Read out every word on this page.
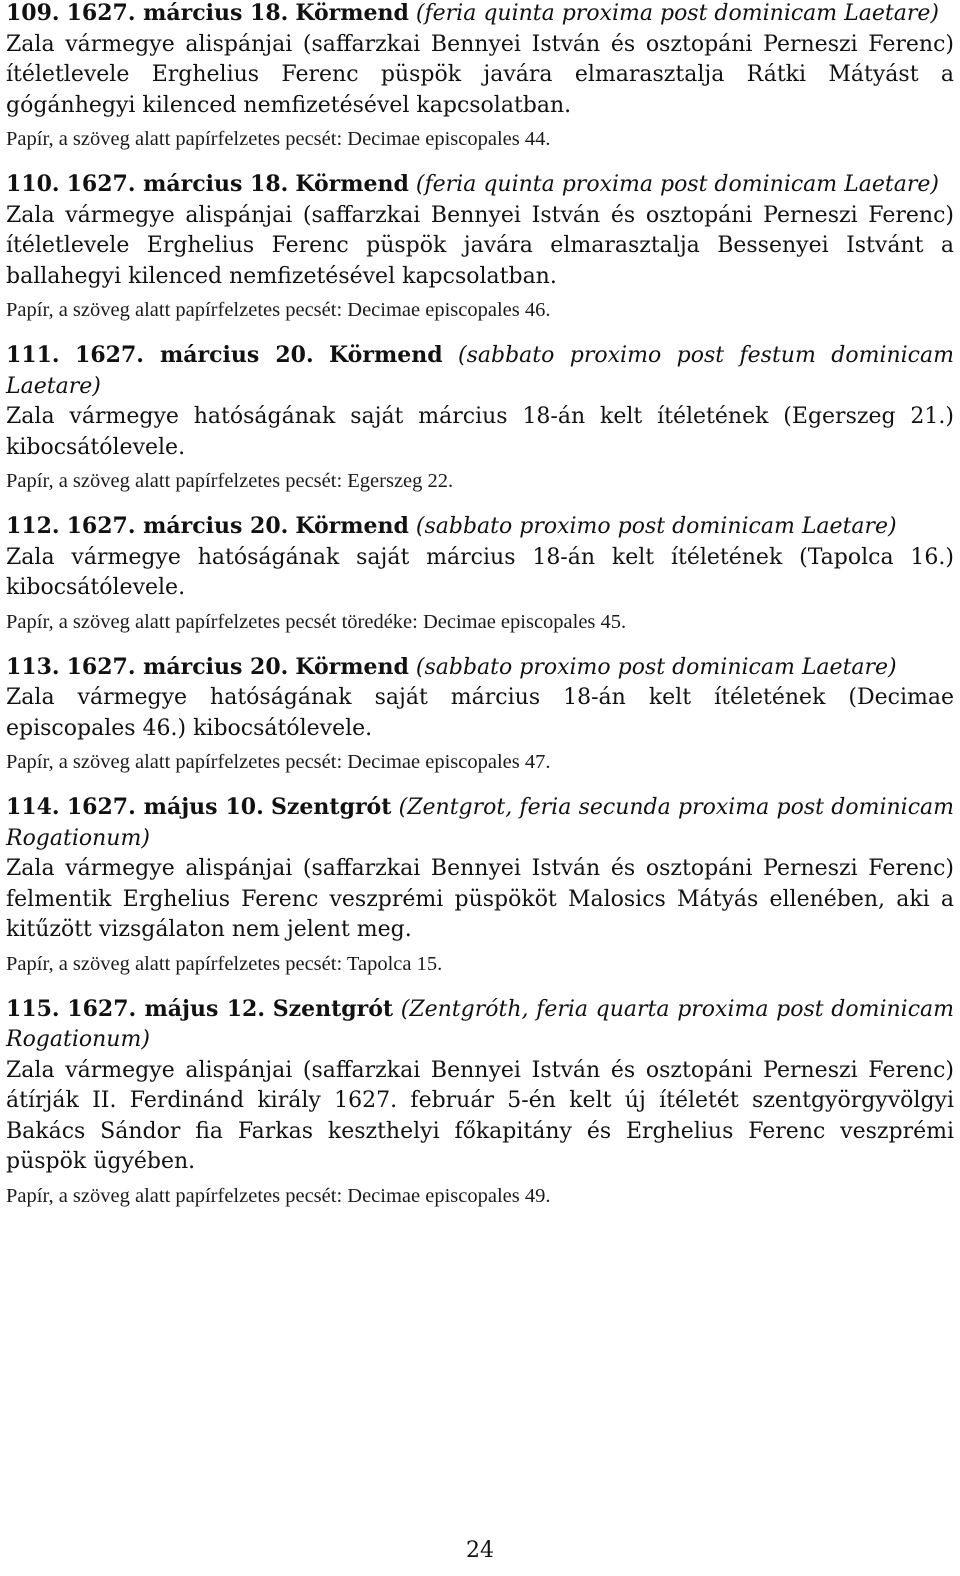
109. 1627. március 18. Körmend (feria quinta proxima post dominicam Laetare)

Zala vármegye alispánjai (saffarzkai Bennyei István és osztopáni Perneszi Ferenc) ítéletlevele Erghelius Ferenc püspök javára elmarasztalja Rátki Mátyást a gógánhegyi kilenced nemfizetésével kapcsolatban.

Papír, a szöveg alatt papírfelzetes pecsét: Decimae episcopales 44.

110. 1627. március 18. Körmend (feria quinta proxima post dominicam Laetare)

Zala vármegye alispánjai (saffarzkai Bennyei István és osztopáni Perneszi Ferenc) ítéletlevele Erghelius Ferenc püspök javára elmarasztalja Bessenyei Istvánt a ballahegyi kilenced nemfizetésével kapcsolatban.

Papír, a szöveg alatt papírfelzetes pecsét: Decimae episcopales 46.

111. 1627. március 20. Körmend (sabbato proximo post festum dominicam Laetare)

Zala vármegye hatóságának saját március 18-án kelt ítéletének (Egerszeg 21.) kibocsátólevele.

Papír, a szöveg alatt papírfelzetes pecsét: Egerszeg 22.

112. 1627. március 20. Körmend (sabbato proximo post dominicam Laetare)

Zala vármegye hatóságának saját március 18-án kelt ítéletének (Tapolca 16.) kibocsátólevele.

Papír, a szöveg alatt papírfelzetes pecsét töredéke: Decimae episcopales 45.

113. 1627. március 20. Körmend (sabbato proximo post dominicam Laetare)

Zala vármegye hatóságának saját március 18-án kelt ítéletének (Decimae episcopales 46.) kibocsátólevele.

Papír, a szöveg alatt papírfelzetes pecsét: Decimae episcopales 47.

114. 1627. május 10. Szentgrót (Zentgrot, feria secunda proxima post dominicam Rogationum)

Zala vármegye alispánjai (saffarzkai Bennyei István és osztopáni Perneszi Ferenc) felmentik Erghelius Ferenc veszprémi püspököt Malosics Mátyás ellenében, aki a kitűzött vizsgálaton nem jelent meg.

Papír, a szöveg alatt papírfelzetes pecsét: Tapolca 15.

115. 1627. május 12. Szentgrót (Zentgróth, feria quarta proxima post dominicam Rogationum)

Zala vármegye alispánjai (saffarzkai Bennyei István és osztopáni Perneszi Ferenc) átírják II. Ferdinánd király 1627. február 5-én kelt új ítéletét szentgyörgyvölgyi Bakács Sándor fia Farkas keszthelyi főkapitány és Erghelius Ferenc veszprémi püspök ügyében.

Papír, a szöveg alatt papírfelzetes pecsét: Decimae episcopales 49.

24
